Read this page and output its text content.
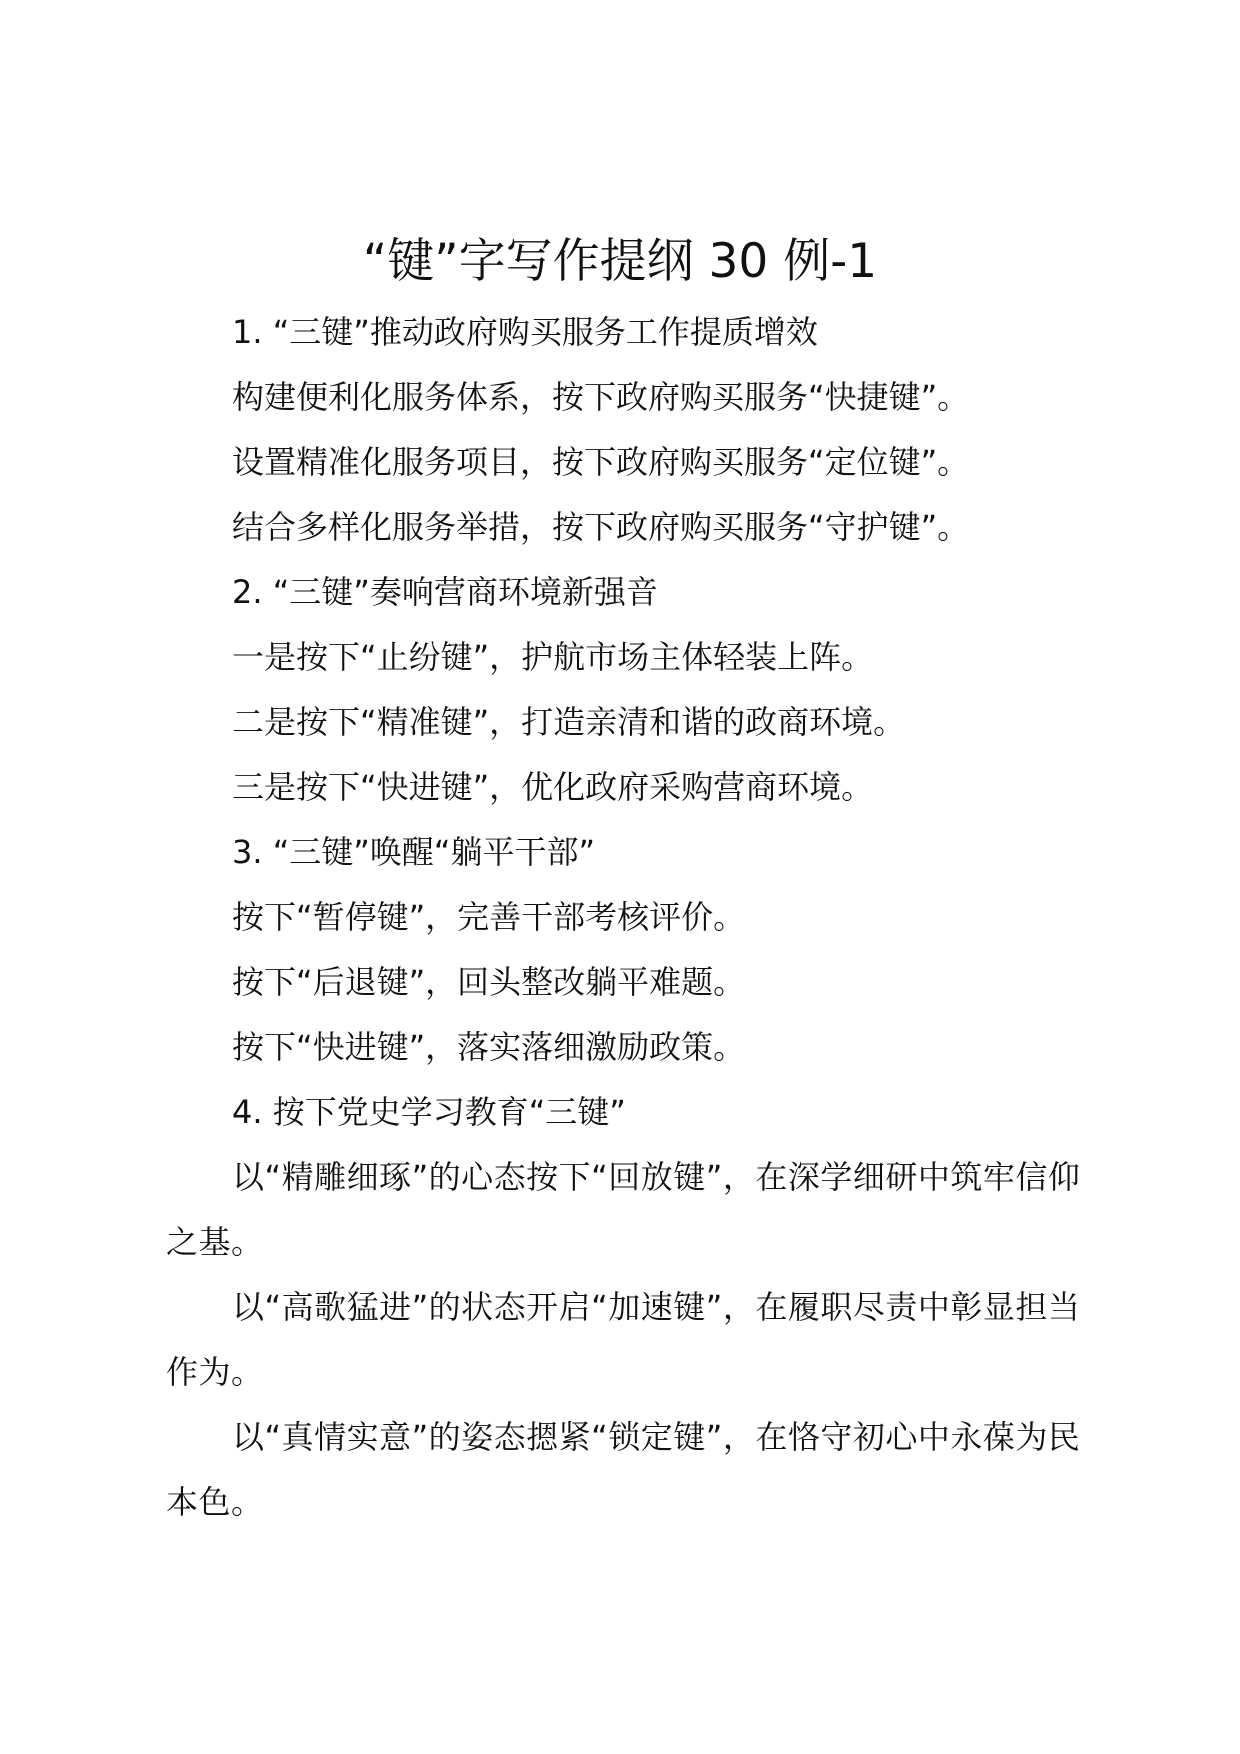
“键”字写作提纲 30 例-1
1. “三键”推动政府购买服务工作提质增效
构建便利化服务体系，按下政府购买服务“快捷键”。
设置精准化服务项目，按下政府购买服务“定位键”。
结合多样化服务举措，按下政府购买服务“守护键”。
2. “三键”奏响营商环境新强音
一是按下“止纷键”，护航市场主体轻装上阵。
二是按下“精准键”，打造亲清和谐的政商环境。
三是按下“快进键”，优化政府采购营商环境。
3. “三键”唤醒“躺平干部”
按下“暂停键”，完善干部考核评价。
按下“后退键”，回头整改躺平难题。
按下“快进键”，落实落细激励政策。
4. 按下党史学习教育“三键”
以“精雕细琢”的心态按下“回放键”，在深学细研中筑牢信仰之基。
以“高歌猛进”的状态开启“加速键”，在履职尽责中彰显担当作为。
以“真情实意”的姿态摁紧“锁定键”，在恪守初心中永葆为民本色。
